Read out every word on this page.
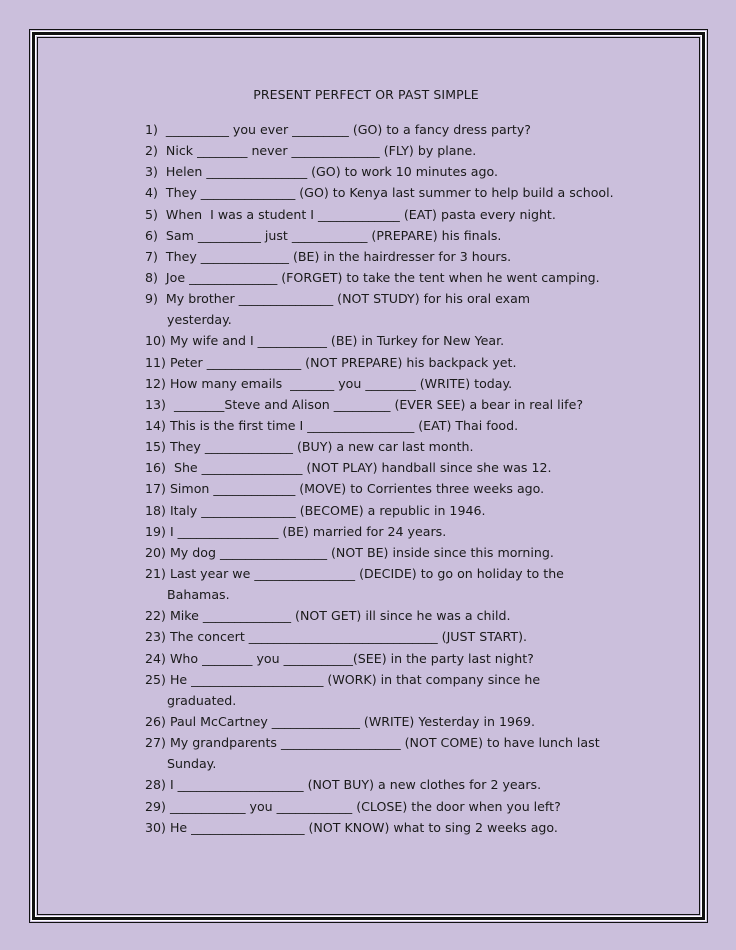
PRESENT PERFECT OR PAST SIMPLE
1)  __________ you ever _________ (GO) to a fancy dress party?
2)  Nick ________ never ______________ (FLY) by plane.
3)  Helen ________________ (GO) to work 10 minutes ago.
4)  They _______________ (GO) to Kenya last summer to help build a school.
5)  When  I was a student I _____________ (EAT) pasta every night.
6)  Sam __________ just ____________ (PREPARE) his finals.
7)  They ______________ (BE) in the hairdresser for 3 hours.
8)  Joe ______________ (FORGET) to take the tent when he went camping.
9)  My brother _______________ (NOT STUDY) for his oral exam
yesterday.
10) My wife and I ___________ (BE) in Turkey for New Year.
11) Peter _______________ (NOT PREPARE) his backpack yet.
12) How many emails  _______ you ________ (WRITE) today.
13)  ________Steve and Alison _________ (EVER SEE) a bear in real life?
14) This is the first time I _________________ (EAT) Thai food.
15) They ______________ (BUY) a new car last month.
16)  She ________________ (NOT PLAY) handball since she was 12.
17) Simon _____________ (MOVE) to Corrientes three weeks ago.
18) Italy _______________ (BECOME) a republic in 1946.
19) I ________________ (BE) married for 24 years.
20) My dog _________________ (NOT BE) inside since this morning.
21) Last year we ________________ (DECIDE) to go on holiday to the
Bahamas.
22) Mike ______________ (NOT GET) ill since he was a child.
23) The concert ______________________________ (JUST START).
24) Who ________ you ___________(SEE) in the party last night?
25) He _____________________ (WORK) in that company since he
graduated.
26) Paul McCartney ______________ (WRITE) Yesterday in 1969.
27) My grandparents ___________________ (NOT COME) to have lunch last
Sunday.
28) I ____________________ (NOT BUY) a new clothes for 2 years.
29) ____________ you ____________ (CLOSE) the door when you left?
30) He __________________ (NOT KNOW) what to sing 2 weeks ago.
